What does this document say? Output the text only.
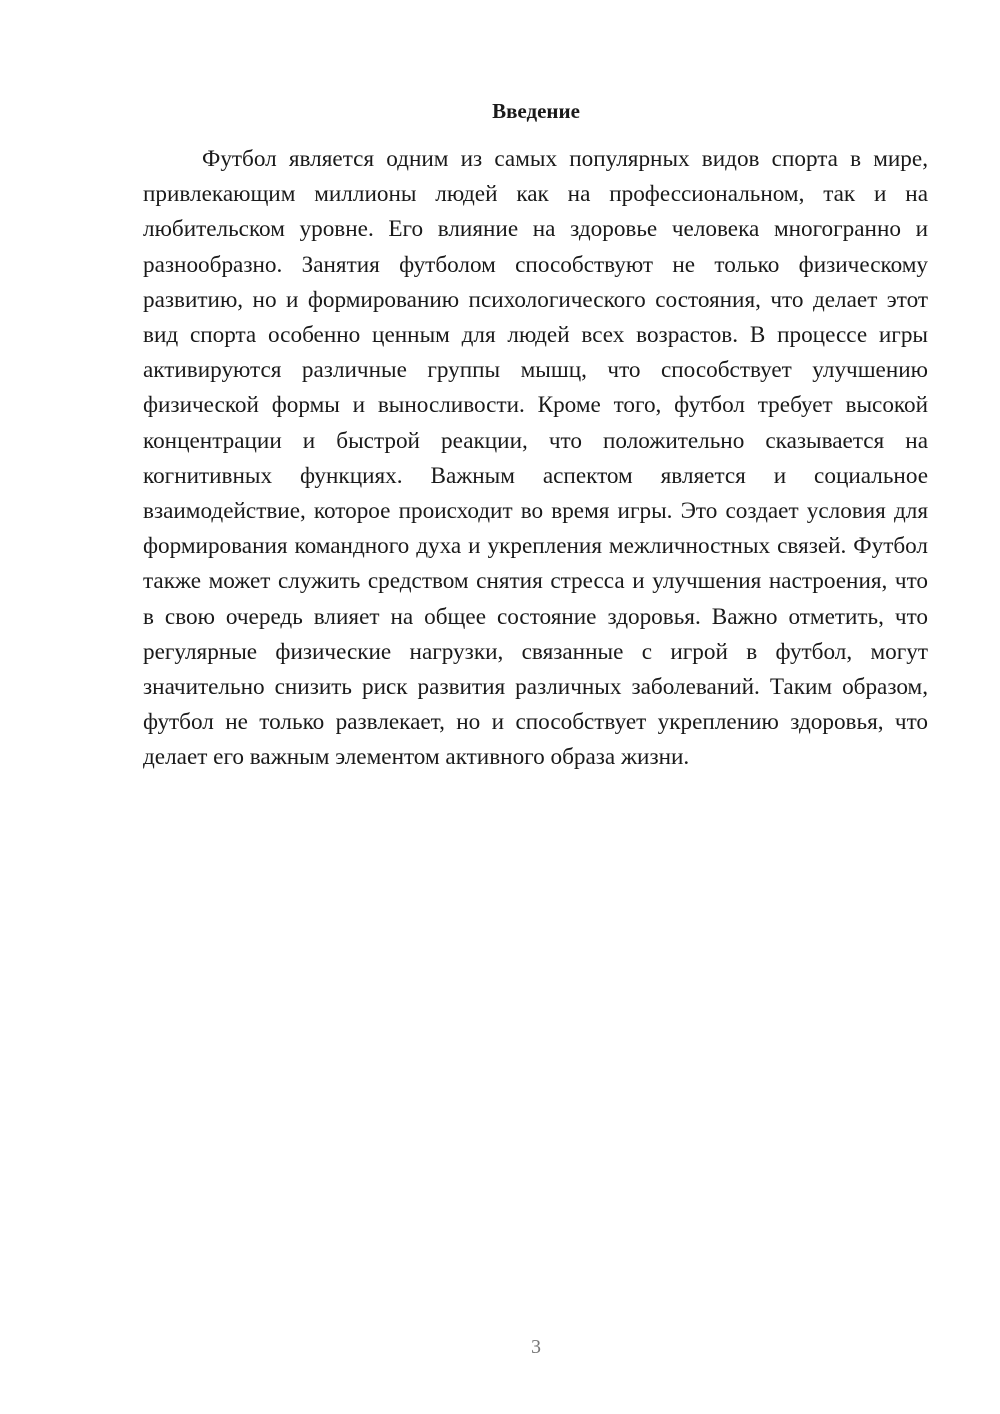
Введение

Футбол является одним из самых популярных видов спорта в мире, привлекающим миллионы людей как на профессиональном, так и на любительском уровне. Его влияние на здоровье человека многогранно и разнообразно. Занятия футболом способствуют не только физическому развитию, но и формированию психологического состояния, что делает этот вид спорта особенно ценным для людей всех возрастов. В процессе игры активируются различные группы мышц, что способствует улучшению физической формы и выносливости. Кроме того, футбол требует высокой концентрации и быстрой реакции, что положительно сказывается на когнитивных функциях. Важным аспектом является и социальное взаимодействие, которое происходит во время игры. Это создает условия для формирования командного духа и укрепления межличностных связей. Футбол также может служить средством снятия стресса и улучшения настроения, что в свою очередь влияет на общее состояние здоровья. Важно отметить, что регулярные физические нагрузки, связанные с игрой в футбол, могут значительно снизить риск развития различных заболеваний. Таким образом, футбол не только развлекает, но и способствует укреплению здоровья, что делает его важным элементом активного образа жизни.

3
